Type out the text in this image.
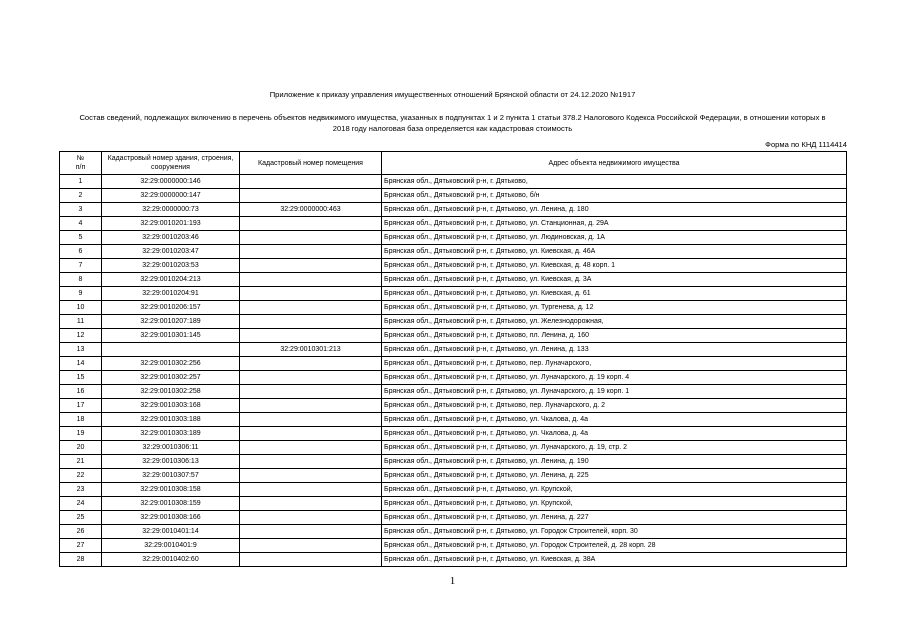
Приложение к приказу управления имущественных отношений Брянской области от 24.12.2020 №1917
Состав сведений, подлежащих включению в перечень объектов недвижимого имущества, указанных в подпунктах 1 и 2 пункта 1 статьи 378.2 Налогового Кодекса Российской Федерации, в отношении которых в 2018 году налоговая база определяется как кадастровая стоимость
Форма по КНД 1114414
№
п/п	Кадастровый номер здания, строения, сооружения	Кадастровый номер помещения	Адрес объекта недвижимого имущества
1	32:29:0000000:146		Брянская обл., Дятьковский р-н, г. Дятьково,
2	32:29:0000000:147		Брянская обл., Дятьковский р-н, г. Дятьково, б/н
3	32:29:0000000:73	32:29:0000000:463	Брянская обл., Дятьковский р-н, г. Дятьково, ул. Ленина, д. 180
4	32:29:0010201:193		Брянская обл., Дятьковский р-н, г. Дятьково, ул. Станционная, д. 29А
5	32:29:0010203:46		Брянская обл., Дятьковский р-н, г. Дятьково, ул. Людиновская, д. 1А
6	32:29:0010203:47		Брянская обл., Дятьковский р-н, г. Дятьково, ул. Киевская, д. 46А
7	32:29:0010203:53		Брянская обл., Дятьковский р-н, г. Дятьково, ул. Киевская, д. 48 корп. 1
8	32:29:0010204:213		Брянская обл., Дятьковский р-н, г. Дятьково, ул. Киевская, д. 3А
9	32:29:0010204:91		Брянская обл., Дятьковский р-н, г. Дятьково, ул. Киевская, д. 61
10	32:29:0010206:157		Брянская обл., Дятьковский р-н, г. Дятьково, ул. Тургенева, д. 12
11	32:29:0010207:189		Брянская обл., Дятьковский р-н, г. Дятьково, ул. Железнодорожная,
12	32:29:0010301:145		Брянская обл., Дятьковский р-н, г. Дятьково, пл. Ленина, д. 160
13		32:29:0010301:213	Брянская обл., Дятьковский р-н, г. Дятьково, ул. Ленина, д. 133
14	32:29:0010302:256		Брянская обл., Дятьковский р-н, г. Дятьково, пер. Луначарского,
15	32:29:0010302:257		Брянская обл., Дятьковский р-н, г. Дятьково, ул. Луначарского, д. 19 корп. 4
16	32:29:0010302:258		Брянская обл., Дятьковский р-н, г. Дятьково, ул. Луначарского, д. 19 корп. 1
17	32:29:0010303:168		Брянская обл., Дятьковский р-н, г. Дятьково, пер. Луначарского, д. 2
18	32:29:0010303:188		Брянская обл., Дятьковский р-н, г. Дятьково, ул. Чкалова, д. 4а
19	32:29:0010303:189		Брянская обл., Дятьковский р-н, г. Дятьково, ул. Чкалова, д. 4а
20	32:29:0010306:11		Брянская обл., Дятьковский р-н, г. Дятьково, ул. Луначарского, д. 19, стр. 2
21	32:29:0010306:13		Брянская обл., Дятьковский р-н, г. Дятьково, ул. Ленина, д. 190
22	32:29:0010307:57		Брянская обл., Дятьковский р-н, г. Дятьково, ул. Ленина, д. 225
23	32:29:0010308:158		Брянская обл., Дятьковский р-н, г. Дятьково, ул. Крупской,
24	32:29:0010308:159		Брянская обл., Дятьковский р-н, г. Дятьково, ул. Крупской,
25	32:29:0010308:166		Брянская обл., Дятьковский р-н, г. Дятьково, ул. Ленина, д. 227
26	32:29:0010401:14		Брянская обл., Дятьковский р-н, г. Дятьково, ул. Городок Строителей, корп. 30
27	32:29:0010401:9		Брянская обл., Дятьковский р-н, г. Дятьково, ул. Городок Строителей, д. 28 корп. 28
28	32:29:0010402:60		Брянская обл., Дятьковский р-н, г. Дятьково, ул. Киевская, д. 38А
1
